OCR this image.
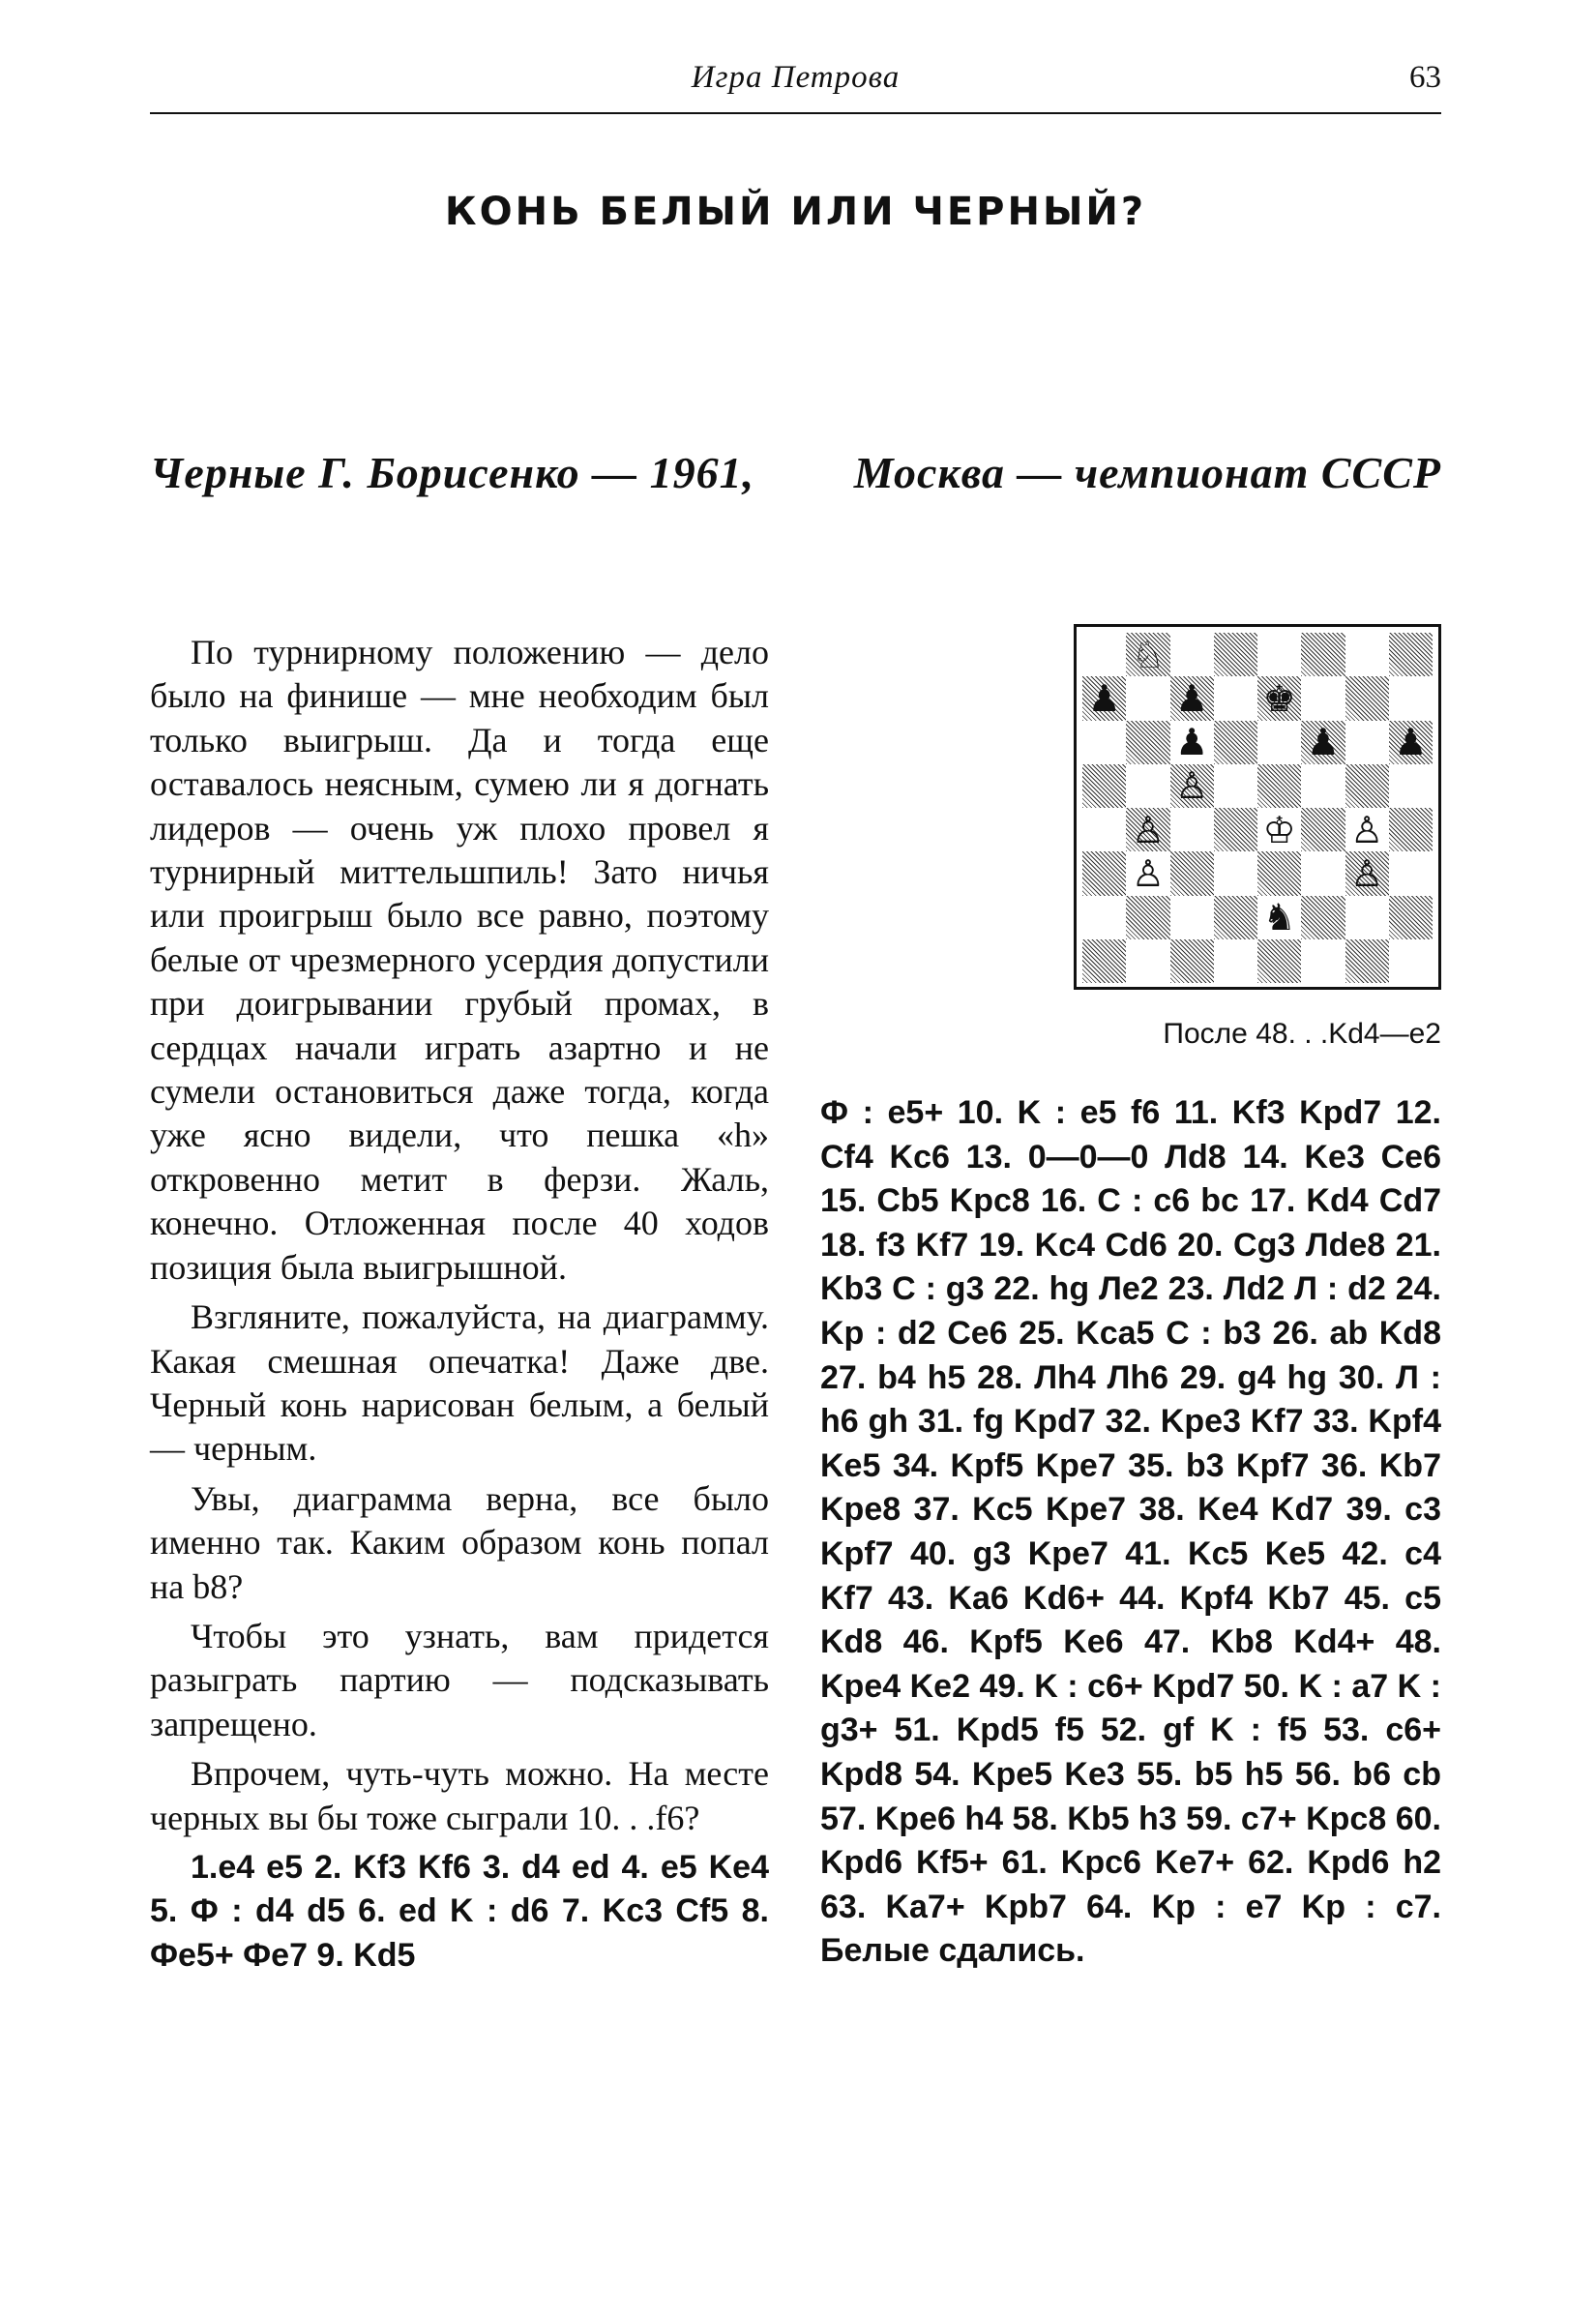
Игра Петрова	63
КОНЬ БЕЛЫЙ ИЛИ ЧЕРНЫЙ?
Черные Г. Борисенко — 1961, Москва — чемпионат СССР

По турнирному положению — дело было на финише — мне необходим был только выигрыш. Да и тогда еще оставалось неясным, сумею ли я догнать лидеров — очень уж плохо провел я турнирный миттельшпиль! Зато ничья или проигрыш было все равно, поэтому белые от чрезмерного усердия допустили при доигрывании грубый промах, в сердцах начали играть азартно и не сумели остановиться даже тогда, когда уже ясно видели, что пешка «h» откровенно метит в ферзи. Жаль, конечно. Отложенная после 40 ходов позиция была выигрышной.

Взгляните, пожалуйста, на диаграмму. Какая смешная опечатка! Даже две. Черный конь нарисован белым, а белый — черным.

Увы, диаграмма верна, все было именно так. Каким образом конь попал на b8?

Чтобы это узнать, вам придется разыграть партию — подсказывать запрещено.

Впрочем, чуть-чуть можно. На месте черных вы бы тоже сыграли 10. . .f6?

1.e4 e5 2. Kf3 Kf6 3. d4 ed 4. e5 Ke4 5. Ф : d4 d5 6. ed K : d6 7. Kc3 Cf5 8. Фe5+ Фe7 9. Kd5

♘
♟ ♟ ♚
♟	♟ ♟
♙
♙	♔ ♙
♙	♙
♞
После 48. . .Kd4—e2
Ф : e5+ 10. K : e5 f6 11. Kf3 Kpd7 12. Cf4 Kc6 13. 0—0—0 Лd8 14. Ke3 Ce6 15. Cb5 Kpc8 16. C : c6 bc 17. Kd4 Cd7 18. f3 Kf7 19. Kc4 Cd6 20. Cg3 Лde8 21. Kb3 C : g3 22. hg Лe2 23. Лd2 Л : d2 24. Kp : d2 Ce6 25. Kca5 C : b3 26. ab Kd8 27. b4 h5 28. Лh4 Лh6 29. g4 hg 30. Л : h6 gh 31. fg Kpd7 32. Kpe3 Kf7 33. Kpf4 Ke5 34. Kpf5 Kpe7 35. b3 Kpf7 36. Kb7 Kpe8 37. Kc5 Kpe7 38. Ke4 Kd7 39. c3 Kpf7 40. g3 Kpe7 41. Kc5 Ke5 42. c4 Kf7 43. Ka6 Kd6+ 44. Kpf4 Kb7 45. c5 Kd8 46. Kpf5 Ke6 47. Kb8 Kd4+ 48. Kpe4 Ke2 49. K : c6+ Kpd7 50. K : a7 K : g3+ 51. Kpd5 f5 52. gf K : f5 53. c6+ Kpd8 54. Kpe5 Ke3 55. b5 h5 56. b6 cb 57. Kpe6 h4 58. Kb5 h3 59. c7+ Kpc8 60. Kpd6 Kf5+ 61. Kpc6 Ke7+ 62. Kpd6 h2 63. Ka7+ Kpb7 64. Kp : e7 Kp : c7. Белые сдались.
